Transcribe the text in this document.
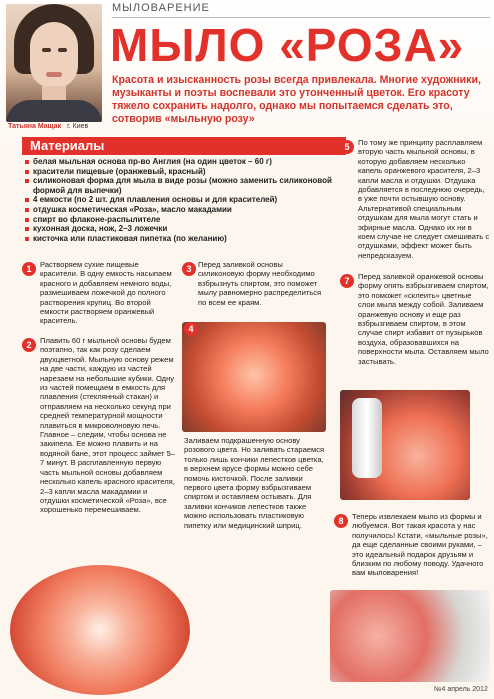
Татьяна Мащак г. Киев
МЫЛОВАРЕНИЕ
МЫЛО «РОЗА»
Красота и изысканность розы всегда привлекала. Многие художники, музыканты и поэты воспевали это утонченный цветок. Его красоту тяжело сохранить надолго, однако мы попытаемся сделать это, сотворив «мыльную розу»
Материалы
белая мыльная основа пр-во Англия (на один цветок – 60 г)
красители пищевые (оранжевый, красный)
силиконовая форма для мыла в виде розы (можно заменить силиконовой формой для выпечки)
4 емкости (по 2 шт. для плавления основы и для красителей)
отдушка косметическая «Роза», масло макадамии
спирт во флаконе-распылителе
кухонная доска, нож, 2–3 ложечки
кисточка или пластиковая пипетка (по желанию)
1	Растворяем сухие пищевые красители. В одну емкость насыпаем красного и добавляем немного воды, размешиваем ложечкой до полного растворения крупиц. Во второй емкости растворяем оранжевый краситель.
2	Плавить 60 г мыльной основы будем поэтапно, так как розу сделаем двухцветной. Мыльную основу режем на две части, каждую из частей нарезаем на небольшие кубики. Одну из частей помещаем в емкость для плавления (стеклянный стакан) и отправляем на несколько секунд при средней температурной мощности плавиться в микроволновую печь. Главное – следим, чтобы основа не закипела. Ее можно плавить и на водяной бане, этот процесс займет 5–7 минут. В расплавленную первую часть мыльной основы добавляем несколько капель красного красителя, 2–3 капли масла макадамии и отдушки косметической «Роза», все хорошенько перемешиваем.
3 Перед заливкой основы силиконовую форму необходимо взбрызнуть спиртом, это поможет мылу равномерно распределиться по всем ее краям.
4
Заливаем подкрашенную основу розового цвета. Но заливать стараемся только лишь кончики лепестков цветка, в верхнем ярусе формы можно себе помочь кисточкой. После заливки первого цвета форму взбрызгиваем спиртом и оставляем остывать. Для заливки кончиков лепестков также можно использовать пластиковую пипетку или медицинский шприц.
5	По тому же принципу расплавляем вторую часть мыльной основы, в которую добавляем несколько капель оранжевого красителя, 2–3 капли масла и отдушки. Отдушка добавляется в последнюю очередь, в уже почти остывшую основу. Альтернативой специальным отдушкам для мыла могут стать и эфирные масла. Однако их ни в коем случае не следует смешивать с отдушками, эффект может быть непредсказуем.
7	Перед заливкой оранжевой основы форму опять взбрызгиваем спиртом, это поможет «склеить» цветные слои мыла между собой. Заливаем оранжевую основу и еще раз взбрызгиваем спиртом, в этом случае спирт избавит от пузырьков воздуха, образовавшихся на поверхности мыла. Оставляем мыло застывать.
8	Теперь извлекаем мыло из формы и любуемся. Вот такая красота у нас получилось! Кстати, «мыльные розы», да еще сделанные своими руками, – это идеальный подарок друзьям и близким по любому поводу. Удачного вам мыловарения!
№4 апрель 2012
